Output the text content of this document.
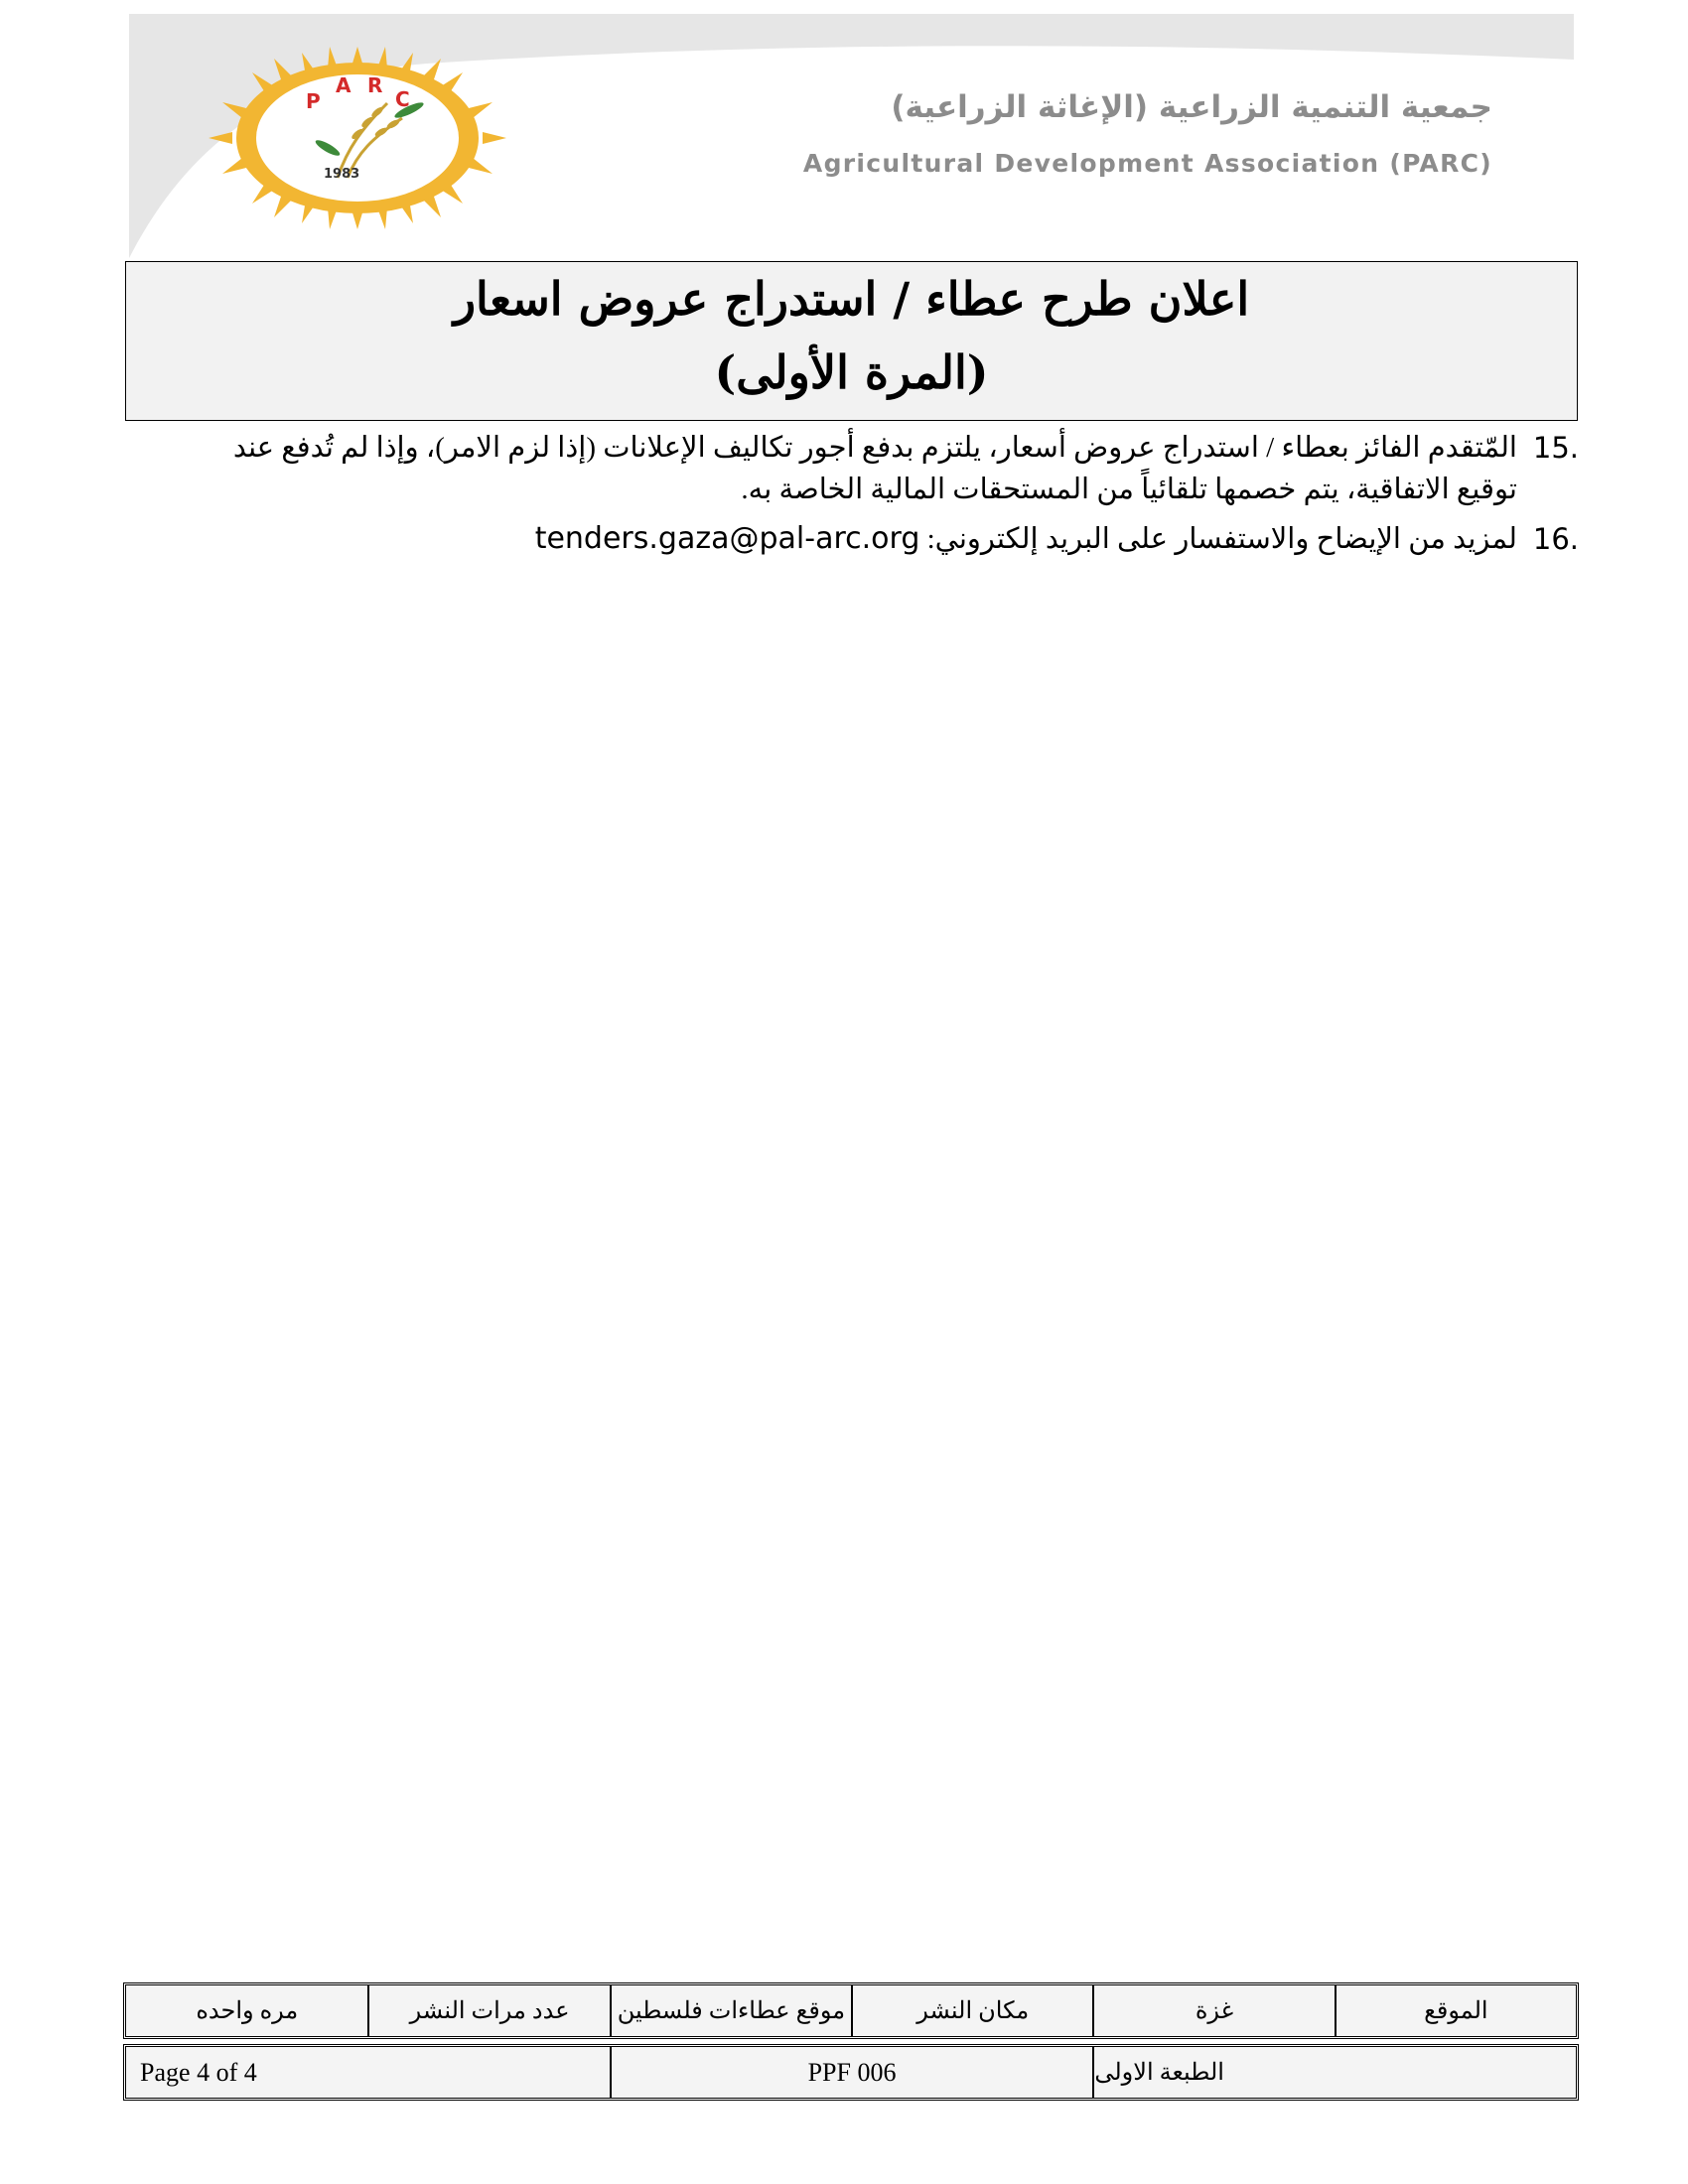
P
A R
C
1983
جمعية التنمية الزراعية (الإغاثة الزراعية)
Agricultural Development Association (PARC)
اعلان طرح عطاء / استدراج عروض اسعار
(المرة الأولى)
15.
المّتقدم الفائز بعطاء / استدراج عروض أسعار، يلتزم بدفع أجور تكاليف الإعلانات (إذا لزم الامر)، وإذا لم تُدفع عند
توقيع الاتفاقية، يتم خصمها تلقائياً من المستحقات المالية الخاصة به.
16.
لمزيد من الإيضاح والاستفسار على البريد إلكتروني: tenders.gaza@pal-arc.org
الموقع
غزة
مكان النشر
موقع عطاءات فلسطين
عدد مرات النشر
مره واحده
الطبعة الاولى
PPF 006
Page 4 of 4
